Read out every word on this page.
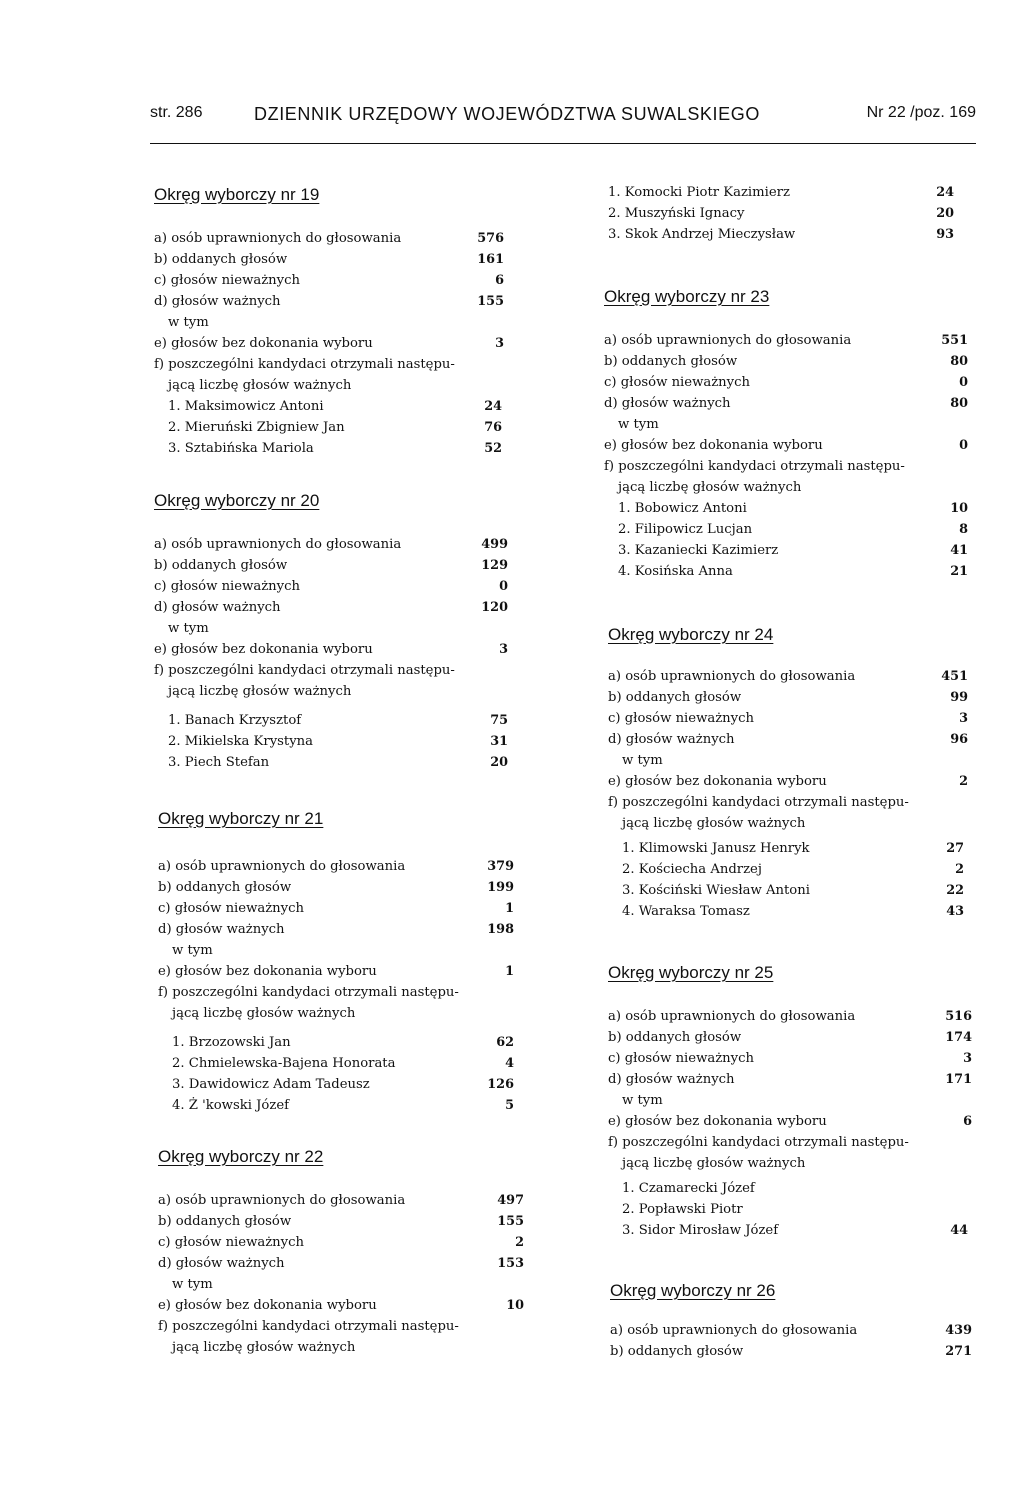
str. 286	DZIENNIK URZĘDOWY WOJEWÓDZTWA SUWALSKIEGO	Nr 22 /poz. 169
Okręg wyborczy nr 19
a) osób uprawnionych do głosowania	576
b) oddanych głosów	161
c) głosów nieważnych	6
d) głosów ważnych	155
w tym
e) głosów bez dokonania wyboru	3
f) poszczególni kandydaci otrzymali następu-
jącą liczbę głosów ważnych
1. Maksimowicz Antoni	24
2. Mieruński Zbigniew Jan	76
3. Sztabińska Mariola	52
Okręg wyborczy nr 20
a) osób uprawnionych do głosowania	499
b) oddanych głosów	129
c) głosów nieważnych	0
d) głosów ważnych	120
w tym
e) głosów bez dokonania wyboru	3
f) poszczególni kandydaci otrzymali następu-
jącą liczbę głosów ważnych
1. Banach Krzysztof	75
2. Mikielska Krystyna	31
3. Piech Stefan	20
Okręg wyborczy nr 21
a) osób uprawnionych do głosowania	379
b) oddanych głosów	199
c) głosów nieważnych	1
d) głosów ważnych	198
w tym
e) głosów bez dokonania wyboru	1
f) poszczególni kandydaci otrzymali następu-
jącą liczbę głosów ważnych
1. Brzozowski Jan	62
2. Chmielewska-Bajena Honorata	4
3. Dawidowicz Adam Tadeusz	126
4. Ż 'kowski Józef	5
Okręg wyborczy nr 22
a) osób uprawnionych do głosowania	497
b) oddanych głosów	155
c) głosów nieważnych	2
d) głosów ważnych	153
w tym
e) głosów bez dokonania wyboru	10
f) poszczególni kandydaci otrzymali następu-
jącą liczbę głosów ważnych
1. Komocki Piotr Kazimierz	24
2. Muszyński Ignacy	20
3. Skok Andrzej Mieczysław	93
Okręg wyborczy nr 23
a) osób uprawnionych do głosowania	551
b) oddanych głosów	80
c) głosów nieważnych	0
d) głosów ważnych	80
w tym
e) głosów bez dokonania wyboru	0
f) poszczególni kandydaci otrzymali następu-
jącą liczbę głosów ważnych
1. Bobowicz Antoni	10
2. Filipowicz Lucjan	8
3. Kazaniecki Kazimierz	41
4. Kosińska Anna	21
Okręg wyborczy nr 24
a) osób uprawnionych do głosowania	451
b) oddanych głosów	99
c) głosów nieważnych	3
d) głosów ważnych	96
w tym
e) głosów bez dokonania wyboru	2
f) poszczególni kandydaci otrzymali następu-
jącą liczbę głosów ważnych
1. Klimowski Janusz Henryk	27
2. Kościecha Andrzej	2
3. Kościński Wiesław Antoni	22
4. Waraksa Tomasz	43
Okręg wyborczy nr 25
a) osób uprawnionych do głosowania	516
b) oddanych głosów	174
c) głosów nieważnych	3
d) głosów ważnych	171
w tym
e) głosów bez dokonania wyboru	6
f) poszczególni kandydaci otrzymali następu-
jącą liczbę głosów ważnych
1. Czamarecki Józef
2. Popławski Piotr
3. Sidor Mirosław Józef	44
Okręg wyborczy nr 26
a) osób uprawnionych do głosowania	439
b) oddanych głosów	271
